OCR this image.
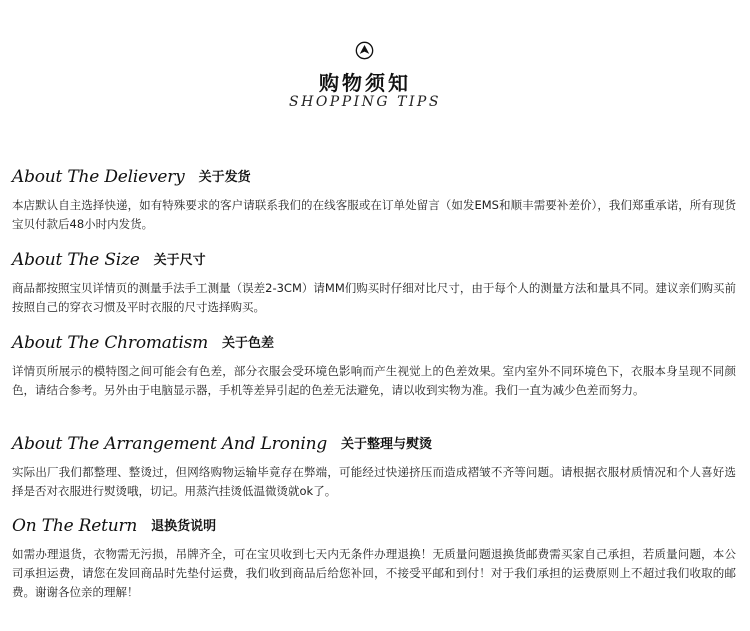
购物须知
SHOPPING TIPS
About The Delievery 关于发货
本店默认自主选择快递，如有特殊要求的客户请联系我们的在线客服或在订单处留言（如发EMS和顺丰需要补差价），我们郑重承诺，所有现货宝贝付款后48小时内发货。
About The Size 关于尺寸
商品都按照宝贝详情页的测量手法手工测量（误差2-3CM）请MM们购买时仔细对比尺寸，由于每个人的测量方法和量具不同。建议亲们购买前按照自己的穿衣习惯及平时衣服的尺寸选择购买。
About The Chromatism 关于色差
详情页所展示的模特图之间可能会有色差，部分衣服会受环境色影响而产生视觉上的色差效果。室内室外不同环境色下，衣服本身呈现不同颜色，请结合参考。另外由于电脑显示器，手机等差异引起的色差无法避免，请以收到实物为准。我们一直为减少色差而努力。
About The Arrangement And Lroning 关于整理与熨烫
实际出厂我们都整理、整烫过，但网络购物运输毕竟存在弊端，可能经过快递挤压而造成褶皱不齐等问题。请根据衣服材质情况和个人喜好选择是否对衣服进行熨烫哦，切记。用蒸汽挂烫低温微烫就ok了。
On The Return 退换货说明
如需办理退货，衣物需无污损，吊牌齐全，可在宝贝收到七天内无条件办理退换！无质量问题退换货邮费需买家自己承担，若质量问题，本公司承担运费，请您在发回商品时先垫付运费，我们收到商品后给您补回，不接受平邮和到付！对于我们承担的运费原则上不超过我们收取的邮费。谢谢各位亲的理解！
